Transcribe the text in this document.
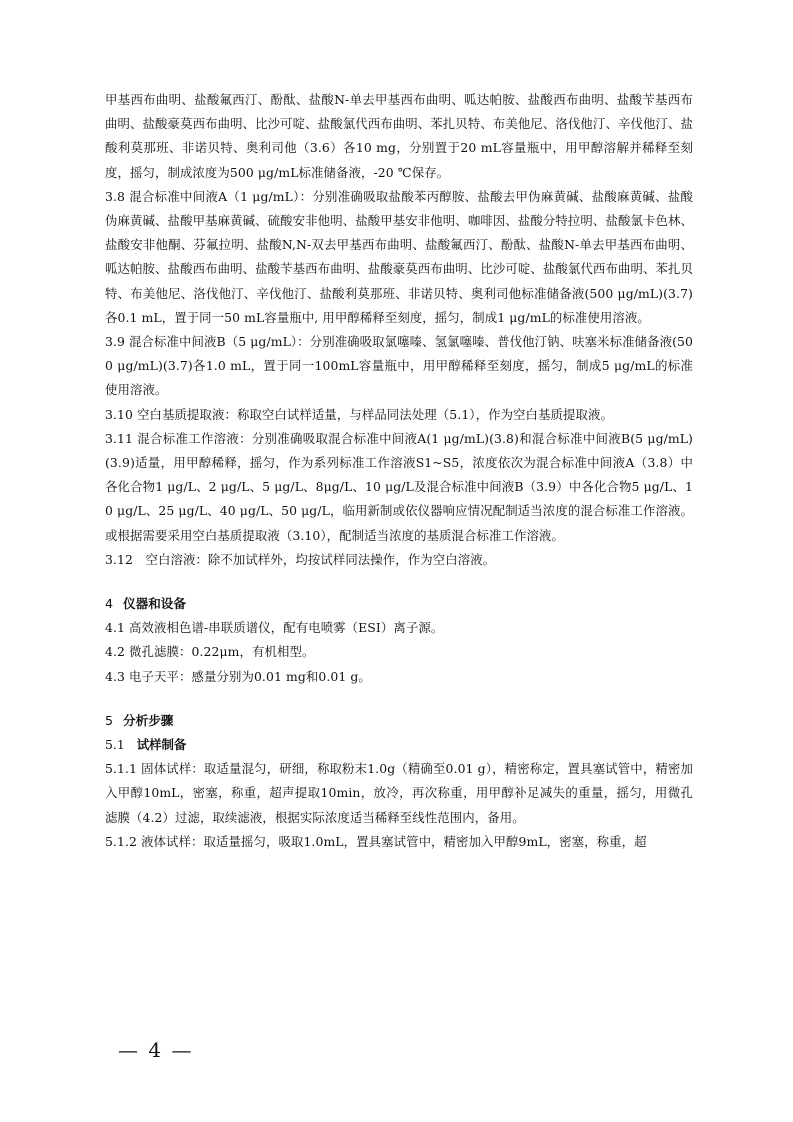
甲基西布曲明、盐酸氟西汀、酚酞、盐酸N-单去甲基西布曲明、呱达帕胺、盐酸西布曲明、盐酸苄基西布曲明、盐酸豪莫西布曲明、比沙可啶、盐酸氯代西布曲明、苯扎贝特、布美他尼、洛伐他汀、辛伐他汀、盐酸利莫那班、非诺贝特、奥利司他（3.6）各10 mg，分别置于20 mL容量瓶中，用甲醇溶解并稀释至刻度，摇匀，制成浓度为500 μg/mL标准储备液，-20 ℃保存。

3.8 混合标准中间液A（1 μg/mL）：分别准确吸取盐酸苯丙醇胺、盐酸去甲伪麻黄碱、盐酸麻黄碱、盐酸伪麻黄碱、盐酸甲基麻黄碱、硫酸安非他明、盐酸甲基安非他明、咖啡因、盐酸分特拉明、盐酸氯卡色林、盐酸安非他酮、芬氟拉明、盐酸N,N-双去甲基西布曲明、盐酸氟西汀、酚酞、盐酸N-单去甲基西布曲明、呱达帕胺、盐酸西布曲明、盐酸苄基西布曲明、盐酸豪莫西布曲明、比沙可啶、盐酸氯代西布曲明、苯扎贝特、布美他尼、洛伐他汀、辛伐他汀、盐酸利莫那班、非诺贝特、奥利司他标准储备液(500 μg/mL)(3.7)各0.1 mL，置于同一50 mL容量瓶中, 用甲醇稀释至刻度，摇匀，制成1 μg/mL的标准使用溶液。

3.9 混合标准中间液B（5 μg/mL）：分别准确吸取氯噻嗪、氢氯噻嗪、普伐他汀钠、呋塞米标准储备液(500 μg/mL)(3.7)各1.0 mL，置于同一100mL容量瓶中，用甲醇稀释至刻度，摇匀，制成5 μg/mL的标准使用溶液。

3.10 空白基质提取液：称取空白试样适量，与样品同法处理（5.1），作为空白基质提取液。

3.11 混合标准工作溶液：分别准确吸取混合标准中间液A(1 μg/mL)(3.8)和混合标准中间液B(5 μg/mL)(3.9)适量，用甲醇稀释，摇匀，作为系列标准工作溶液S1~S5，浓度依次为混合标准中间液A（3.8）中各化合物1 μg/L、2 μg/L、5 μg/L、8μg/L、10 μg/L及混合标准中间液B（3.9）中各化合物5 μg/L、10 μg/L、25 μg/L、40 μg/L、50 μg/L，临用新制或依仪器响应情况配制适当浓度的混合标准工作溶液。或根据需要采用空白基质提取液（3.10），配制适当浓度的基质混合标准工作溶液。

3.12　空白溶液：除不加试样外，均按试样同法操作，作为空白溶液。

4 仪器和设备

4.1 高效液相色谱-串联质谱仪，配有电喷雾（ESI）离子源。

4.2 微孔滤膜：0.22μm，有机相型。

4.3 电子天平：感量分别为0.01 mg和0.01 g。

5 分析步骤

5.1 试样制备

5.1.1 固体试样：取适量混匀，研细，称取粉末1.0g（精确至0.01 g），精密称定，置具塞试管中，精密加入甲醇10mL，密塞，称重，超声提取10min，放冷，再次称重，用甲醇补足减失的重量，摇匀，用微孔滤膜（4.2）过滤，取续滤液，根据实际浓度适当稀释至线性范围内，备用。

5.1.2 液体试样：取适量摇匀，吸取1.0mL，置具塞试管中，精密加入甲醇9mL，密塞，称重，超

— 4 —
